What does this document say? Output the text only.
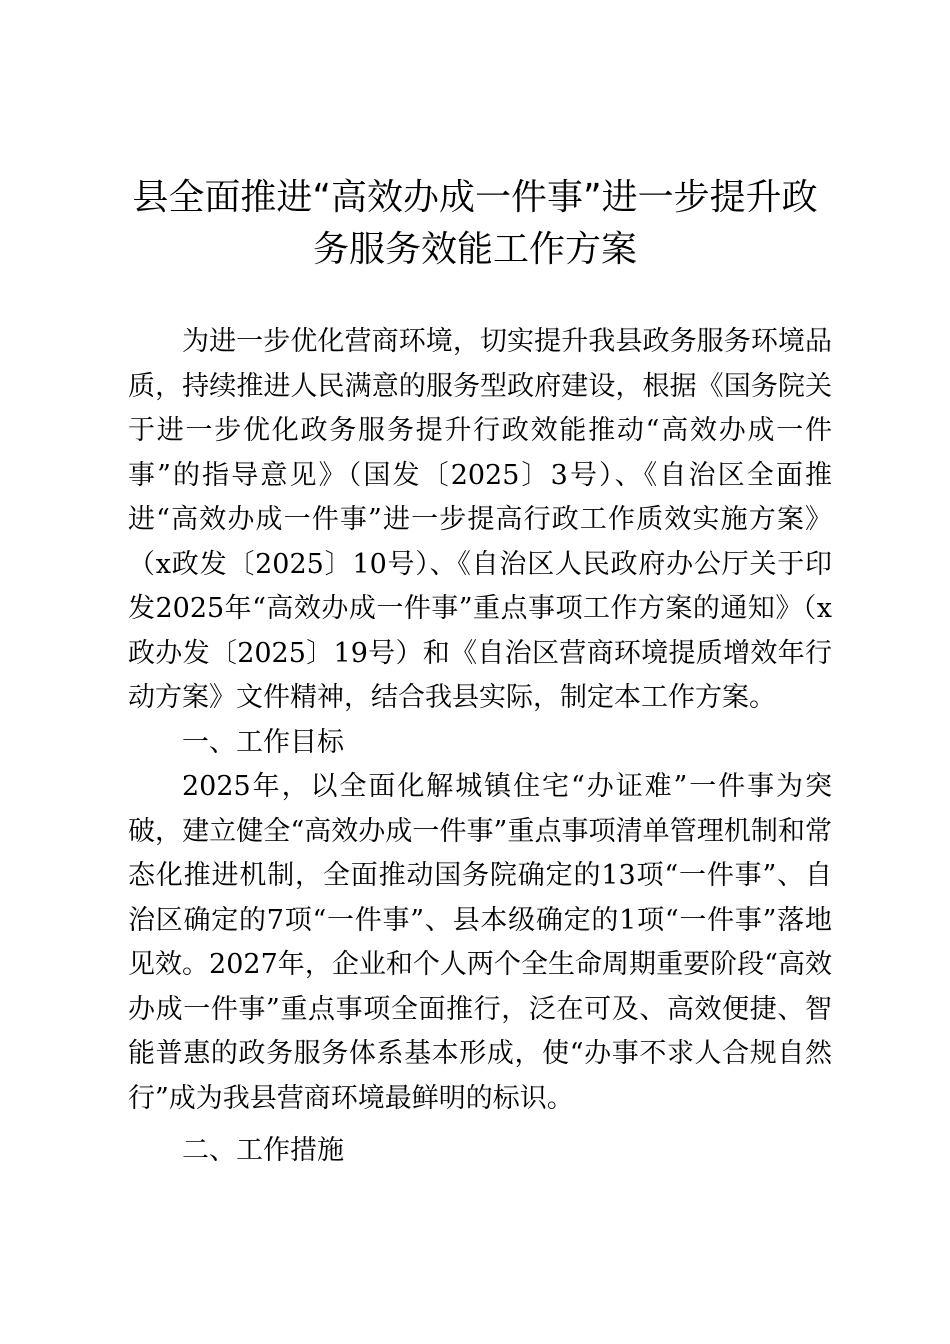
县全面推进“高效办成一件事”进一步提升政
务服务效能工作方案

为进一步优化营商环境，切实提升我县政务服务环境品质，持续推进人民满意的服务型政府建设，根据《国务院关于进一步优化政务服务提升行政效能推动“高效办成一件事”的指导意见》（国发〔2025〕3号）、《自治区全面推进“高效办成一件事”进一步提高行政工作质效实施方案》（x政发〔2025〕10号）、《自治区人民政府办公厅关于印发2025年“高效办成一件事”重点事项工作方案的通知》（x政办发〔2025〕19号）和《自治区营商环境提质增效年行动方案》文件精神，结合我县实际，制定本工作方案。

一、工作目标

2025年，以全面化解城镇住宅“办证难”一件事为突破，建立健全“高效办成一件事”重点事项清单管理机制和常态化推进机制，全面推动国务院确定的13项“一件事”、自治区确定的7项“一件事”、县本级确定的1项“一件事”落地见效。2027年，企业和个人两个全生命周期重要阶段“高效办成一件事”重点事项全面推行，泛在可及、高效便捷、智能普惠的政务服务体系基本形成，使“办事不求人合规自然行”成为我县营商环境最鲜明的标识。

二、工作措施
